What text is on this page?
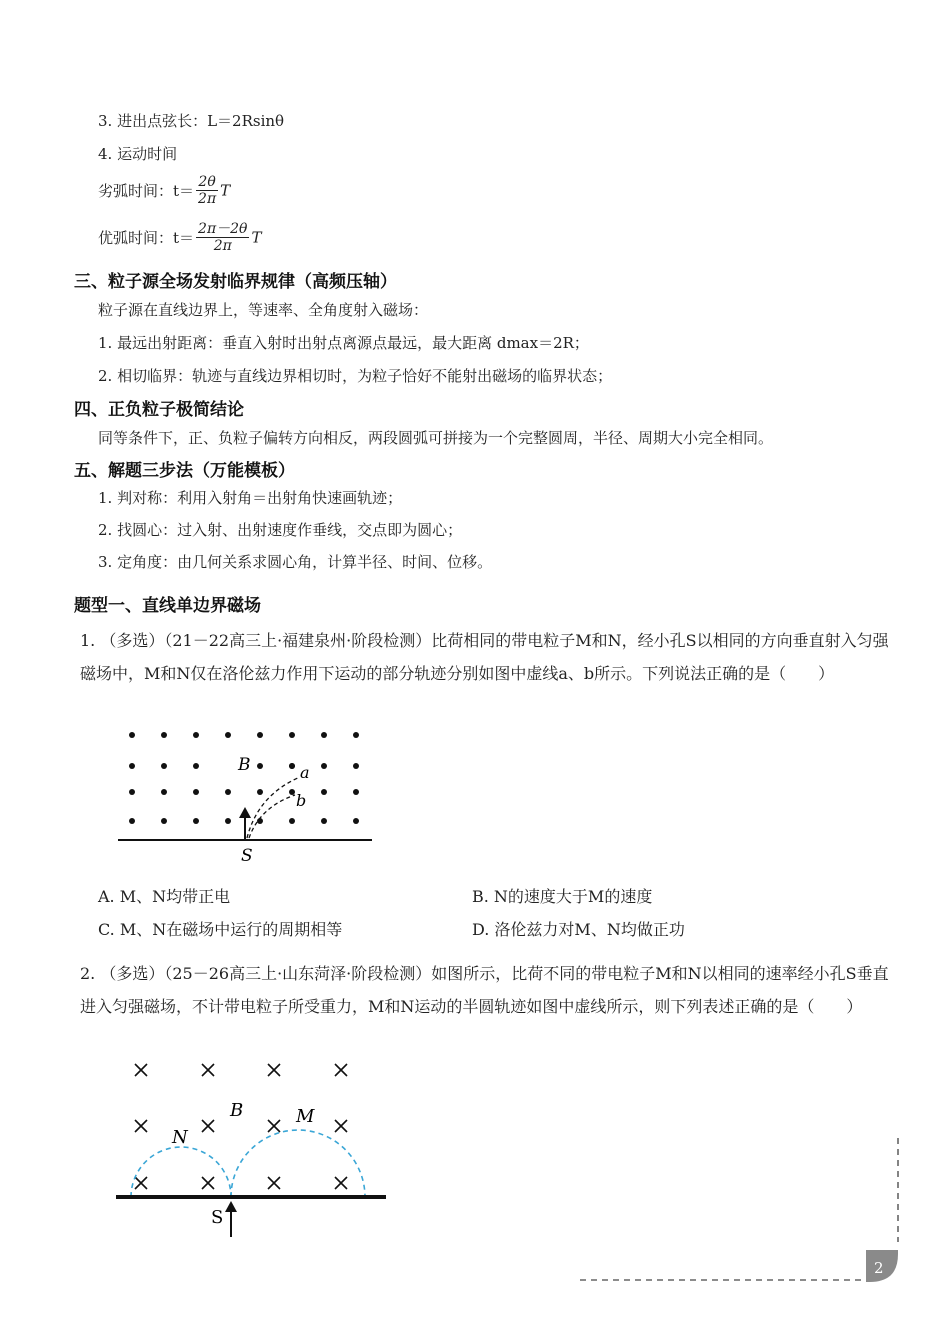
3. 进出点弦长：L＝2Rsinθ
4. 运动时间
劣弧时间：$t= \frac{2\theta}{2\pi}$ T
优弧时间：$t= \frac{2\pi-2\theta}{2\pi}$ T
三、粒子源全场发射临界规律（高频压轴）
粒子源在直线边界上，等速率、全角度射入磁场：
1. 最远出射距离：垂直入射时出射点离源点最远，最大距离 dmax＝2R；
2. 相切临界：轨迹与直线边界相切时，为粒子恰好不能射出磁场的临界状态；
四、正负粒子极简结论
同等条件下，正、负粒子偏转方向相反，两段圆弧可拼接为一个完整圆周，半径、周期大小完全相同。
五、解题三步法（万能模板）
1. 判对称：利用入射角＝出射角快速画轨迹；
2. 找圆心：过入射、出射速度作垂线，交点即为圆心；
3. 定角度：由几何关系求圆心角，计算半径、时间、位移。
题型一、直线单边界磁场
1. （多选）（21－22高三上·福建泉州·阶段检测）比荷相同的带电粒子M和N，经小孔S以相同的方向垂直射入匀强磁场中，M和N仅在洛伦兹力作用下运动的部分轨迹分别如图中虚线a、b所示。下列说法正确的是（　　）
B	a
b
S
A. M、N均带正电	B. N的速度大于M的速度
C. M、N在磁场中运行的周期相等	D. 洛伦兹力对M、N均做正功
2. （多选）（25－26高三上·山东菏泽·阶段检测）如图所示，比荷不同的带电粒子M和N以相同的速率经小孔S垂直进入匀强磁场，不计带电粒子所受重力，M和N运动的半圆轨迹如图中虚线所示，则下列表述正确的是（　　）
B
N
M
S
2
